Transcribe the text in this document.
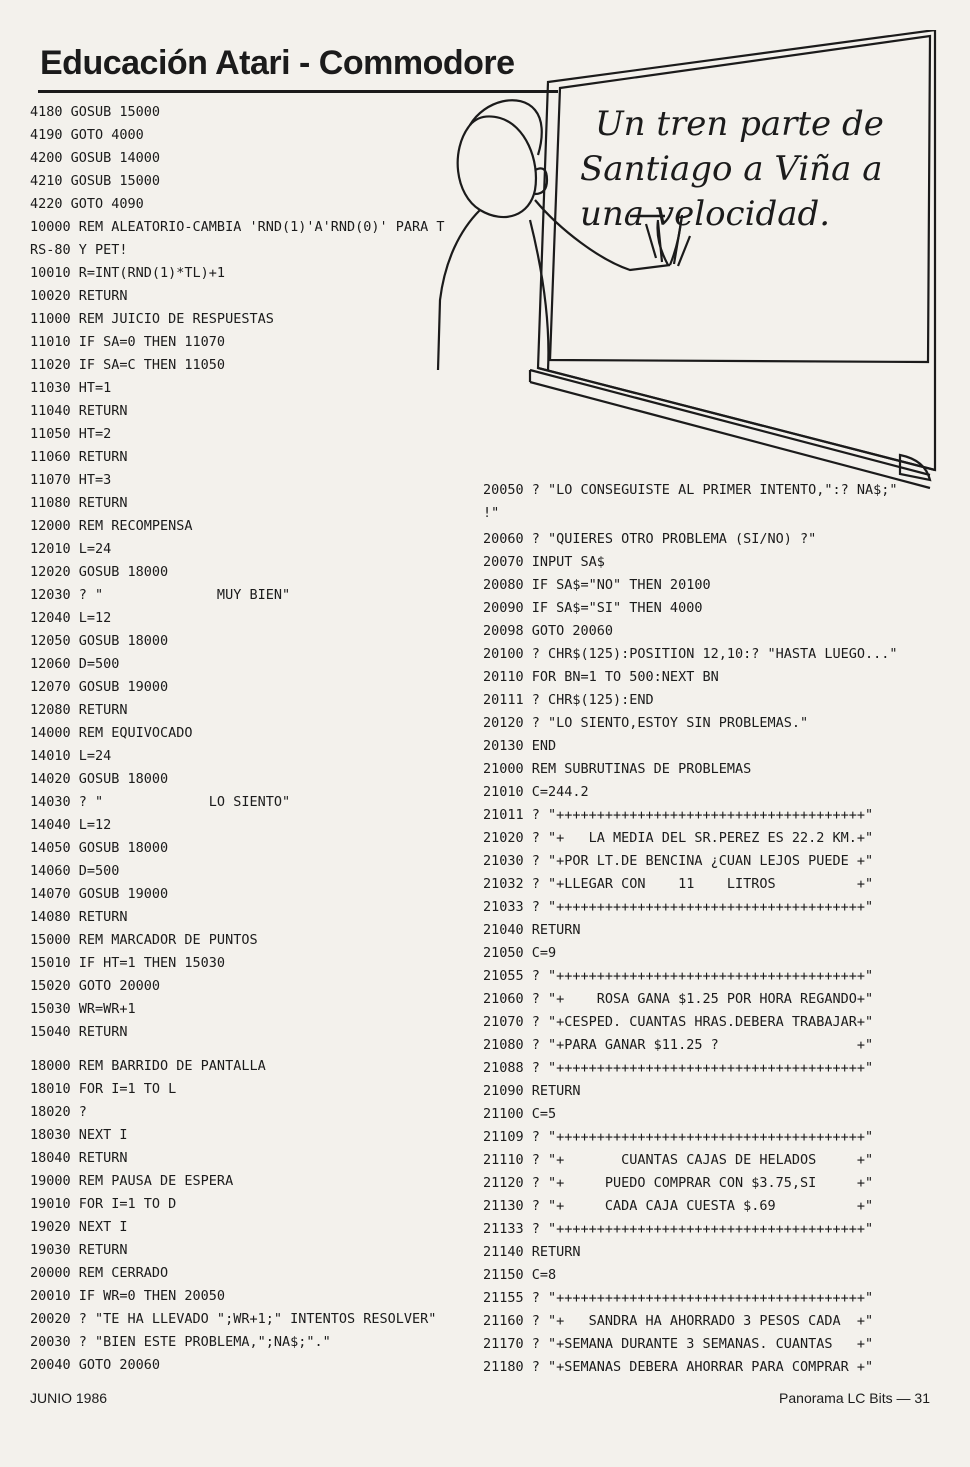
Educación Atari - Commodore
4180 GOSUB 15000
4190 GOTO 4000
4200 GOSUB 14000
4210 GOSUB 15000
4220 GOTO 4090
10000 REM ALEATORIO-CAMBIA 'RND(1)'A'RND(0)' PARA T
RS-80 Y PET!
10010 R=INT(RND(1)*TL)+1
10020 RETURN
11000 REM JUICIO DE RESPUESTAS
11010 IF SA=0 THEN 11070
11020 IF SA=C THEN 11050
11030 HT=1
11040 RETURN
11050 HT=2
11060 RETURN
11070 HT=3
11080 RETURN
12000 REM RECOMPENSA
12010 L=24
12020 GOSUB 18000
12030 ? "              MUY BIEN"
12040 L=12
12050 GOSUB 18000
12060 D=500
12070 GOSUB 19000
12080 RETURN
14000 REM EQUIVOCADO
14010 L=24
14020 GOSUB 18000
14030 ? "             LO SIENTO"
14040 L=12
14050 GOSUB 18000
14060 D=500
14070 GOSUB 19000
14080 RETURN
15000 REM MARCADOR DE PUNTOS
15010 IF HT=1 THEN 15030
15020 GOTO 20000
15030 WR=WR+1
15040 RETURN
18000 REM BARRIDO DE PANTALLA
18010 FOR I=1 TO L
18020 ?
18030 NEXT I
18040 RETURN
19000 REM PAUSA DE ESPERA
19010 FOR I=1 TO D
19020 NEXT I
19030 RETURN
20000 REM CERRADO
20010 IF WR=0 THEN 20050
20020 ? "TE HA LLEVADO ";WR+1;" INTENTOS RESOLVER"
20030 ? "BIEN ESTE PROBLEMA,";NA$;"."
20040 GOTO 20060
20050 ? "LO CONSEGUISTE AL PRIMER INTENTO,":? NA$;"
!"
20060 ? "QUIERES OTRO PROBLEMA (SI/NO) ?"
20070 INPUT SA$
20080 IF SA$="NO" THEN 20100
20090 IF SA$="SI" THEN 4000
20098 GOTO 20060
20100 ? CHR$(125):POSITION 12,10:? "HASTA LUEGO..."
20110 FOR BN=1 TO 500:NEXT BN
20111 ? CHR$(125):END
20120 ? "LO SIENTO,ESTOY SIN PROBLEMAS."
20130 END
21000 REM SUBRUTINAS DE PROBLEMAS
21010 C=244.2
21011 ? "++++++++++++++++++++++++++++++++++++++"
21020 ? "+   LA MEDIA DEL SR.PEREZ ES 22.2 KM.+"
21030 ? "+POR LT.DE BENCINA ¿CUAN LEJOS PUEDE +"
21032 ? "+LLEGAR CON    11    LITROS          +"
21033 ? "++++++++++++++++++++++++++++++++++++++"
21040 RETURN
21050 C=9
21055 ? "++++++++++++++++++++++++++++++++++++++"
21060 ? "+    ROSA GANA $1.25 POR HORA REGANDO+"
21070 ? "+CESPED. CUANTAS HRAS.DEBERA TRABAJAR+"
21080 ? "+PARA GANAR $11.25 ?                 +"
21088 ? "++++++++++++++++++++++++++++++++++++++"
21090 RETURN
21100 C=5
21109 ? "++++++++++++++++++++++++++++++++++++++"
21110 ? "+       CUANTAS CAJAS DE HELADOS     +"
21120 ? "+     PUEDO COMPRAR CON $3.75,SI     +"
21130 ? "+     CADA CAJA CUESTA $.69          +"
21133 ? "++++++++++++++++++++++++++++++++++++++"
21140 RETURN
21150 C=8
21155 ? "++++++++++++++++++++++++++++++++++++++"
21160 ? "+   SANDRA HA AHORRADO 3 PESOS CADA  +"
21170 ? "+SEMANA DURANTE 3 SEMANAS. CUANTAS   +"
21180 ? "+SEMANAS DEBERA AHORRAR PARA COMPRAR +"
Un tren parte de
Santiago a Viña a
una velocidad.
JUNIO 1986	Panorama LC Bits — 31
